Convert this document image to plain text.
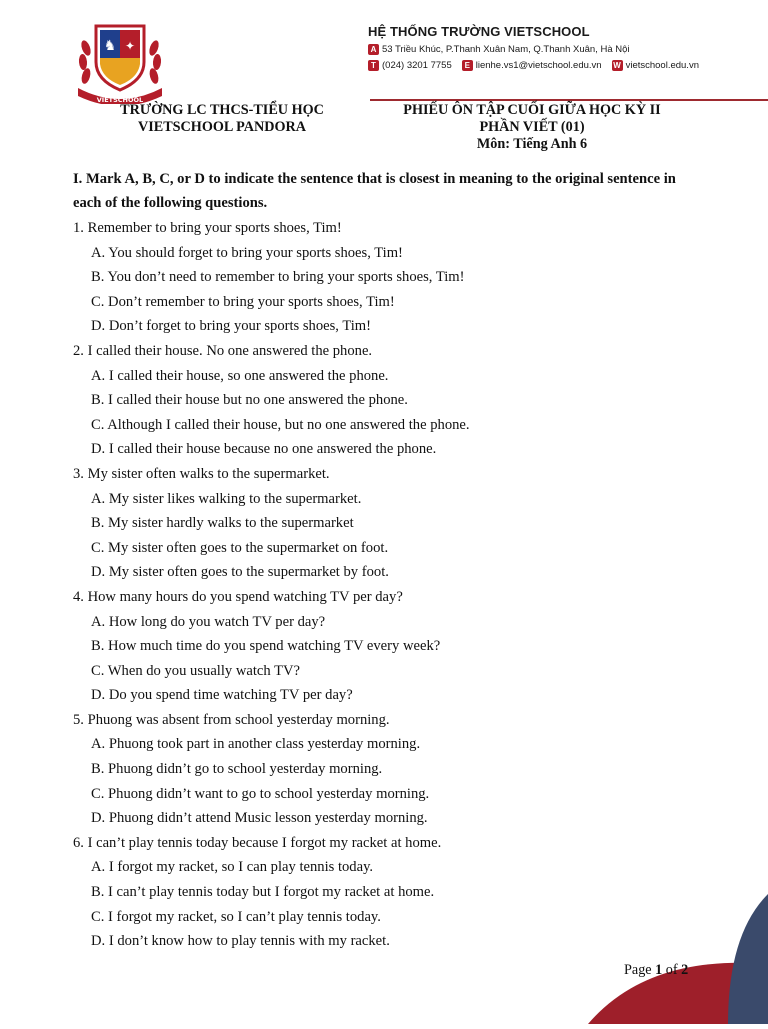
♞ ✦
VIETSCHOOL
HỆ THỐNG TRƯỜNG VIETSCHOOL
A 53 Triều Khúc, P.Thanh Xuân Nam, Q.Thanh Xuân, Hà Nội
T (024) 3201 7755	E lienhe.vs1@vietschool.edu.vn W vietschool.edu.vn
TRƯỜNG LC THCS-TIỂU HỌC
VIETSCHOOL PANDORA
PHIẾU ÔN TẬP CUỐI GIỮA HỌC KỲ II
PHẦN VIẾT (01)
Môn: Tiếng Anh 6
I. Mark A, B, C, or D to indicate the sentence that is closest in meaning to the original sentence in each of the following questions.
1. Remember to bring your sports shoes, Tim!
A. You should forget to bring your sports shoes, Tim!
B. You don’t need to remember to bring your sports shoes, Tim!
C. Don’t remember to bring your sports shoes, Tim!
D. Don’t forget to bring your sports shoes, Tim!
2. I called their house. No one answered the phone.
A. I called their house, so one answered the phone.
B. I called their house but no one answered the phone.
C. Although I called their house, but no one answered the phone.
D. I called their house because no one answered the phone.
3. My sister often walks to the supermarket.
A. My sister likes walking to the supermarket.
B. My sister hardly walks to the supermarket
C. My sister often goes to the supermarket on foot.
D. My sister often goes to the supermarket by foot.
4. How many hours do you spend watching TV per day?
A. How long do you watch TV per day?
B. How much time do you spend watching TV every week?
C. When do you usually watch TV?
D. Do you spend time watching TV per day?
5. Phuong was absent from school yesterday morning.
A. Phuong took part in another class yesterday morning.
B. Phuong didn’t go to school yesterday morning.
C. Phuong didn’t want to go to school yesterday morning.
D. Phuong didn’t attend Music lesson yesterday morning.
6. I can’t play tennis today because I forgot my racket at home.
A. I forgot my racket, so I can play tennis today.
B. I can’t play tennis today but I forgot my racket at home.
C. I forgot my racket, so I can’t play tennis today.
D. I don’t know how to play tennis with my racket.
Page 1 of 2
